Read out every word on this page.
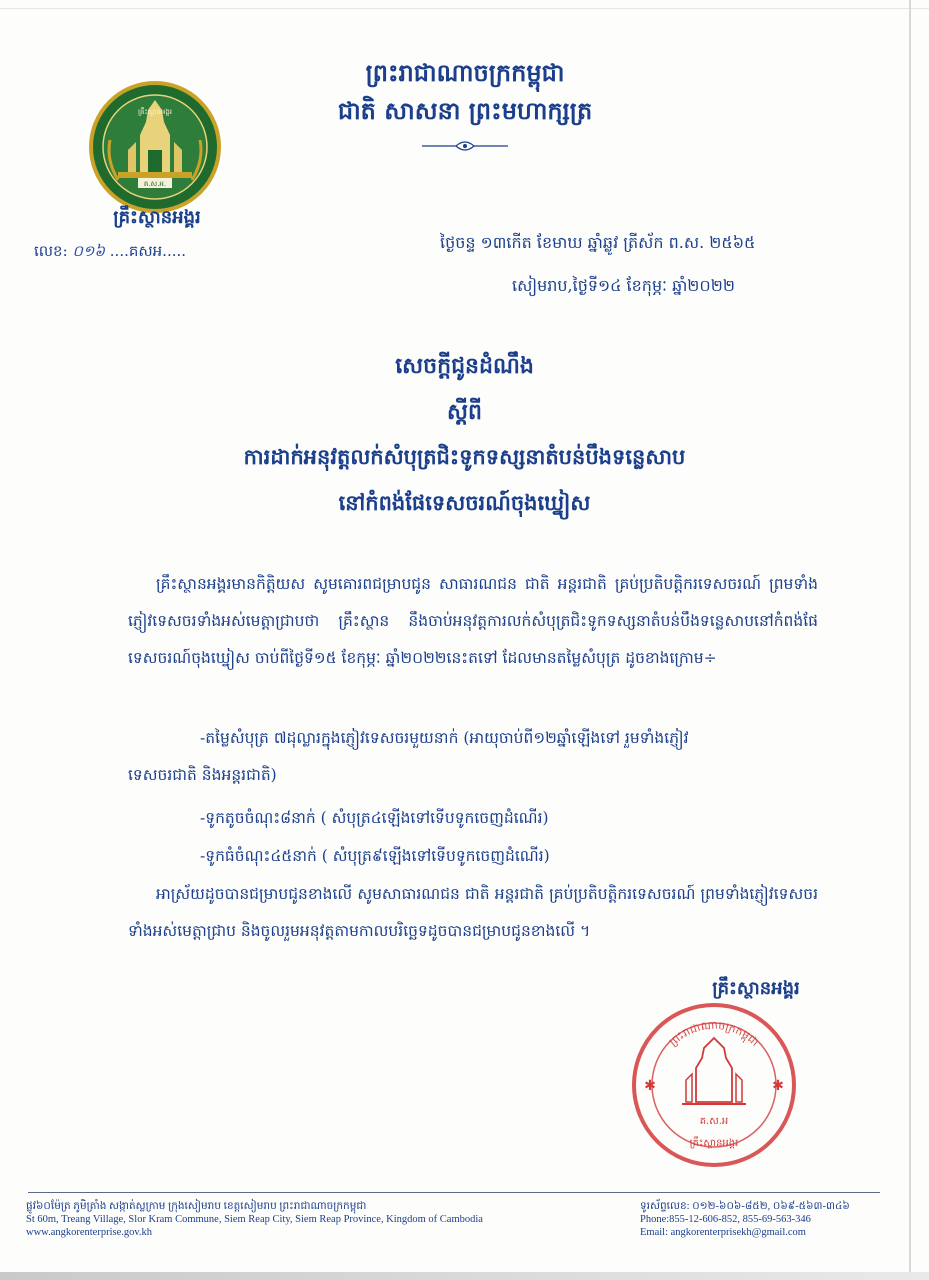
គ.ស.អ.
គ្រឹះស្ថានអង្គរ
គ្រឹះស្ថានអង្គរ
លេខ: ០១៦ ....គសអ.....
ព្រះរាជាណាចក្រកម្ពុជា
ជាតិ សាសនា ព្រះមហាក្សត្រ
ថ្ងៃចន្ទ ១៣កើត ខែមាឃ ឆ្នាំឆ្លូវ ត្រីស័ក ព.ស. ២៥៦៥
សៀមរាប,ថ្ងៃទី១៤ ខែកុម្ភៈ ឆ្នាំ២០២២
សេចក្តីជូនដំណឹង
ស្តីពី
ការដាក់អនុវត្តលក់សំបុត្រជិះទូកទស្សនាតំបន់បឹងទន្លេសាប
នៅកំពង់ផែទេសចរណ៍ចុងឃ្នៀស
គ្រឹះស្ថានអង្គរមានកិត្តិយស សូមគោរពជម្រាបជូន សាធារណជន ជាតិ អន្តរជាតិ គ្រប់ប្រតិបត្តិករទេសចរណ៍ ព្រមទាំងភ្ញៀវទេសចរទាំងអស់មេត្តាជ្រាបថា គ្រឹះស្ថាន នឹងចាប់អនុវត្តការលក់សំបុត្រជិះទូកទស្សនាតំបន់បឹងទន្លេសាបនៅកំពង់ផែទេសចរណ៍ចុងឃ្នៀស ចាប់ពីថ្ងៃទី១៥ ខែកុម្ភៈ ឆ្នាំ២០២២នេះតទៅ ដែលមានតម្លៃសំបុត្រ ដូចខាងក្រោម÷
-តម្លៃសំបុត្រ ៧ដុល្លារក្នុងភ្ញៀវទេសចរមួយនាក់ (អាយុចាប់ពី១២ឆ្នាំឡើងទៅ រួមទាំងភ្ញៀវ
ទេសចរជាតិ និងអន្តរជាតិ)
-ទូកតូចចំណុះ៨នាក់ ( សំបុត្រ៤ឡើងទៅទើបទូកចេញដំណើរ)
-ទូកធំចំណុះ៤៥នាក់ ( សំបុត្រ៩ឡើងទៅទើបទូកចេញដំណើរ)
អាស្រ័យដូចបានជម្រាបជូនខាងលើ សូមសាធារណជន ជាតិ អន្តរជាតិ គ្រប់ប្រតិបត្តិករទេសចរណ៍ ព្រមទាំងភ្ញៀវទេសចរទាំងអស់មេត្តាជ្រាប និងចូលរួមអនុវត្តតាមកាលបរិច្ឆេទដូចបានជម្រាបជូនខាងលើ ។
គ្រឹះស្ថានអង្គរ
ព្រះរាជាណាចក្រកម្ពុជា
គ.ស.អ
គ្រឹះស្ថានអង្គរ
✱	✱
ផ្លូវ៦០ម៉ែត្រ ភូមិត្រាំង សង្កាត់ស្លក្រាម ក្រុងសៀមរាប ខេត្តសៀមរាប ព្រះរាជាណាចក្រកម្ពុជា
St 60m, Treang Village, Slor Kram Commune, Siem Reap City, Siem Reap Province, Kingdom of Cambodia
www.angkorenterprise.gov.kh
ទូរស័ព្ទលេខ: ០១២-៦០៦-៨៥២, ០៦៩-៥៦៣-៣៤៦
Phone:855-12-606-852, 855-69-563-346
Email: angkorenterprisekh@gmail.com
